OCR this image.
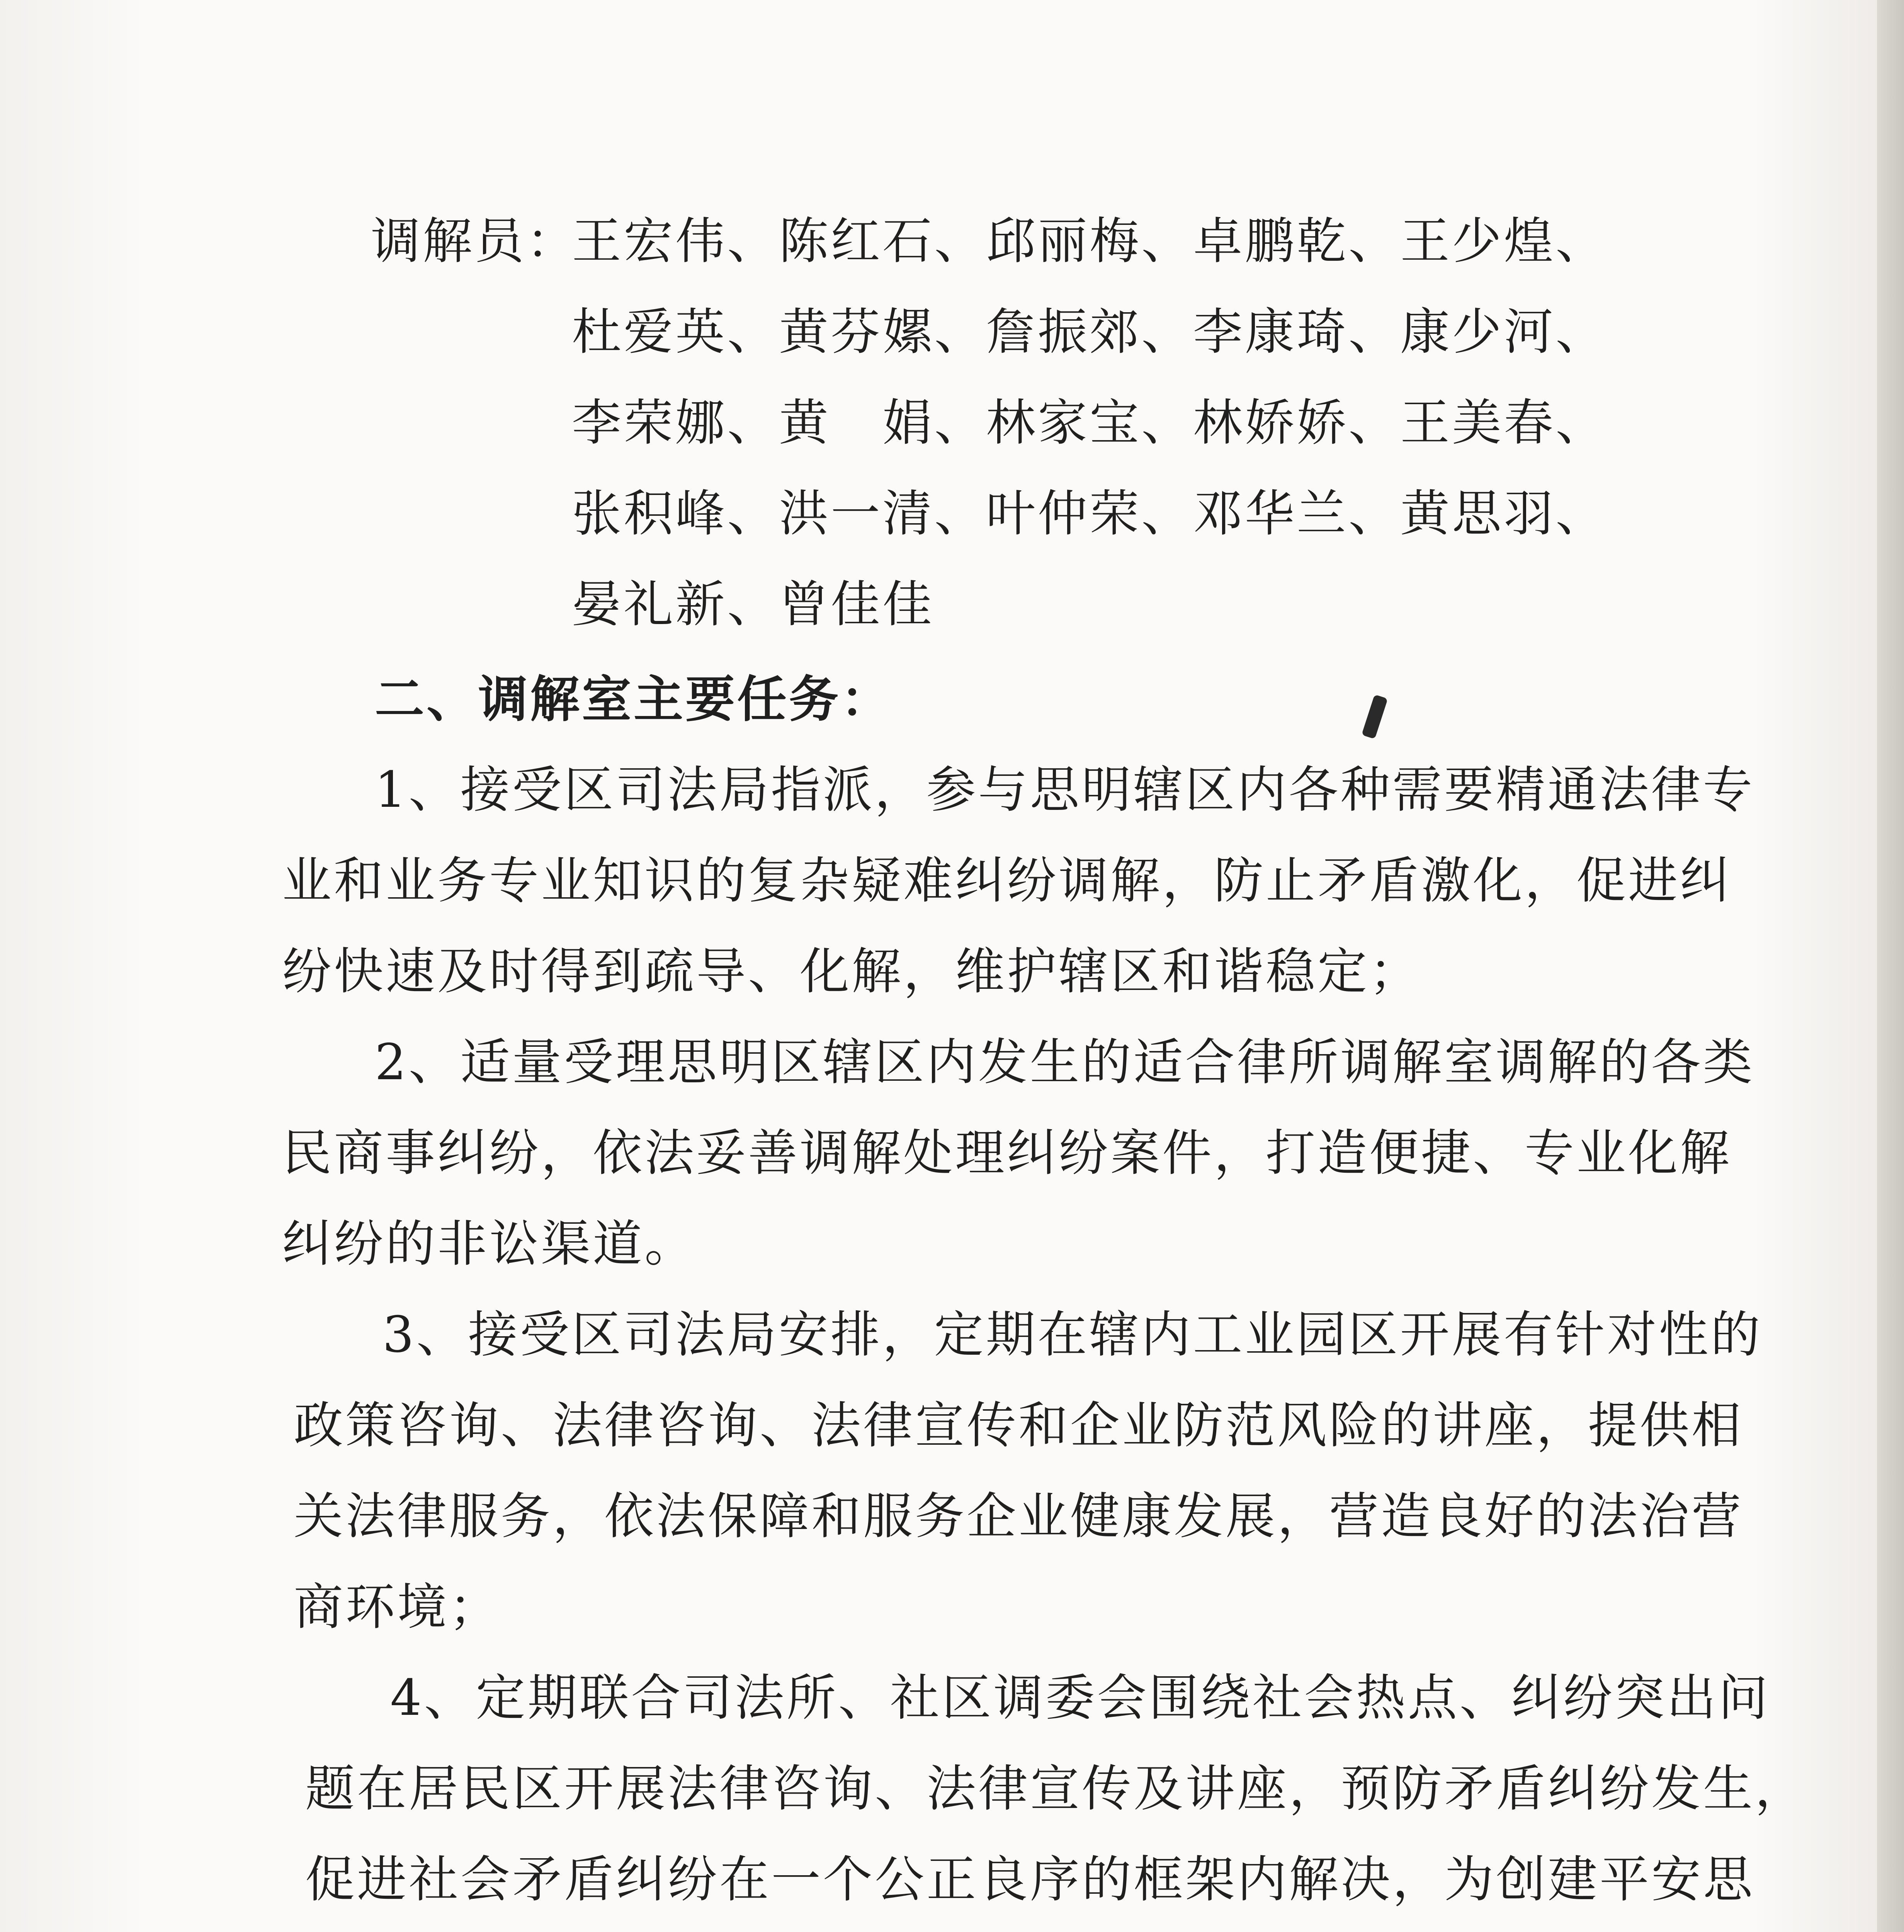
调解员：
王宏伟、陈红石、邱丽梅、卓鹏乾、王少煌、
杜爱英、黄芬嫘、詹振郊、李康琦、康少河、
李荣娜、黄　娟、林家宝、林娇娇、王美春、
张积峰、洪一清、叶仲荣、邓华兰、黄思羽、
晏礼新、曾佳佳
二、调解室主要任务：
1、接受区司法局指派，参与思明辖区内各种需要精通法律专
业和业务专业知识的复杂疑难纠纷调解，防止矛盾激化，促进纠
纷快速及时得到疏导、化解，维护辖区和谐稳定；
2、适量受理思明区辖区内发生的适合律所调解室调解的各类
民商事纠纷，依法妥善调解处理纠纷案件，打造便捷、专业化解
纠纷的非讼渠道。
3、接受区司法局安排，定期在辖内工业园区开展有针对性的
政策咨询、法律咨询、法律宣传和企业防范风险的讲座，提供相
关法律服务，依法保障和服务企业健康发展，营造良好的法治营
商环境；
4、定期联合司法所、社区调委会围绕社会热点、纠纷突出问
题在居民区开展法律咨询、法律宣传及讲座，预防矛盾纠纷发生，
促进社会矛盾纠纷在一个公正良序的框架内解决，为创建平安思
